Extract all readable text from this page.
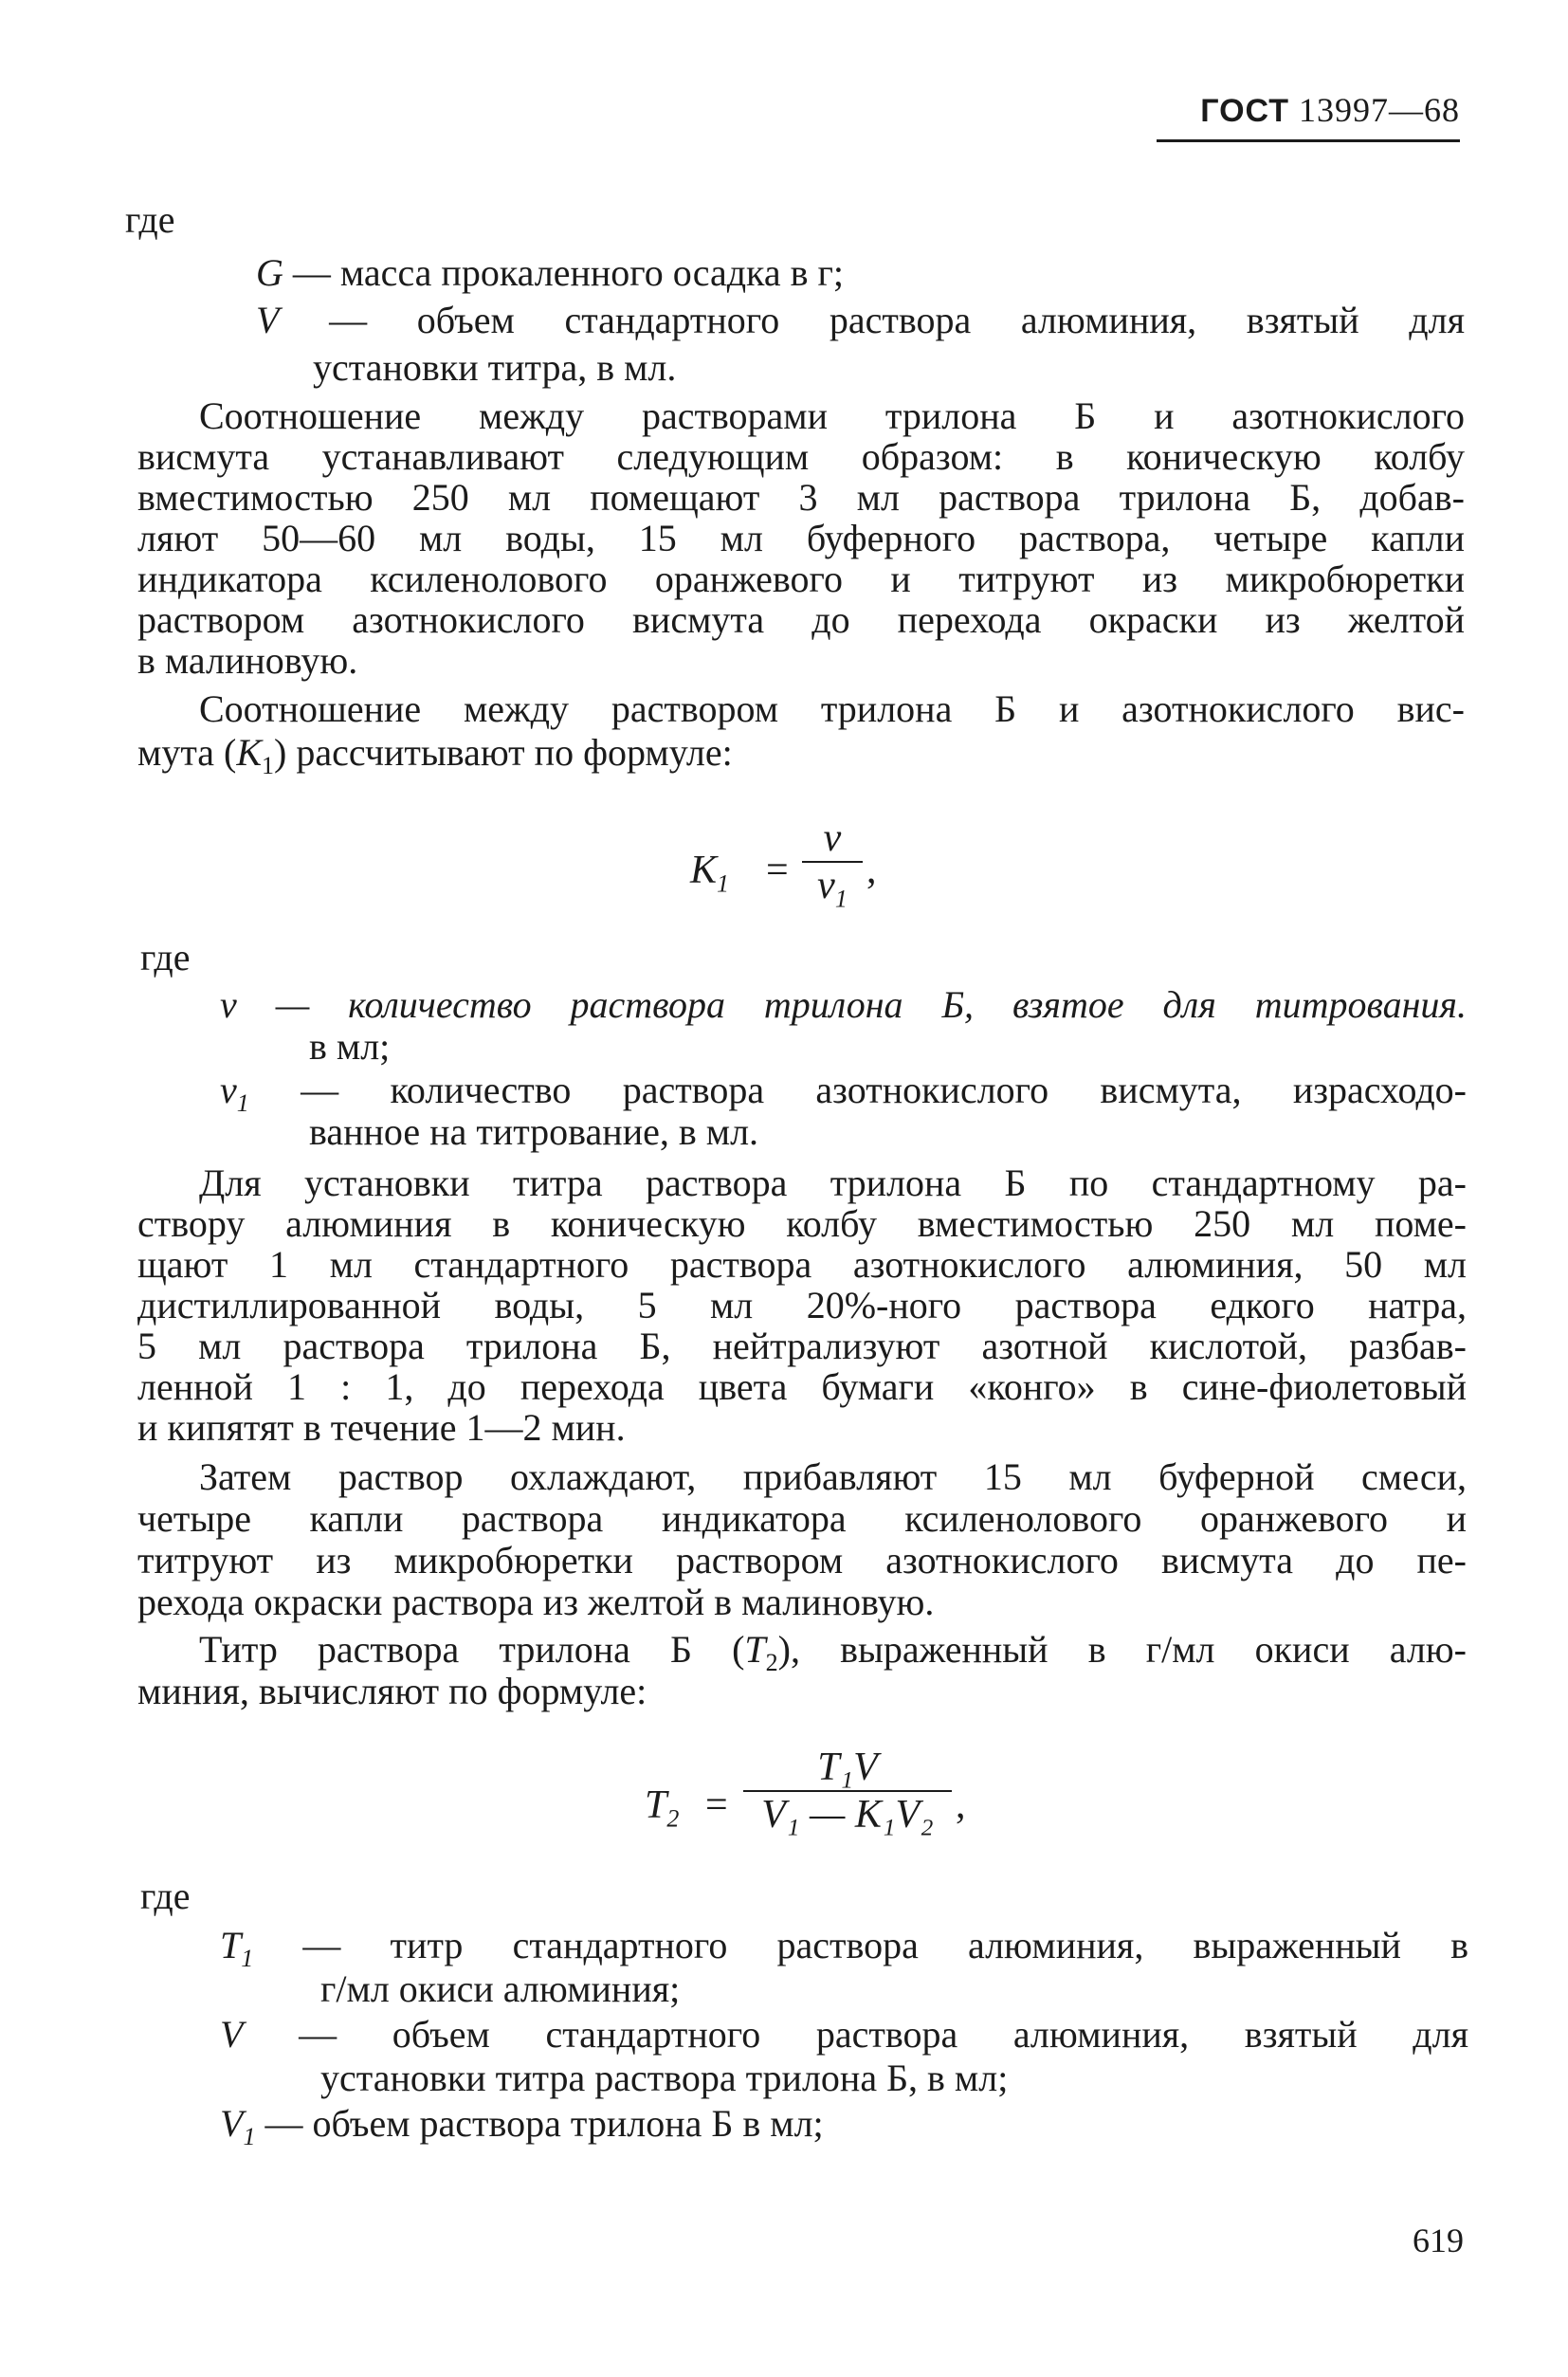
ГОСТ 13997—68
где
G — масса прокаленного осадка в г;
V — объем стандартного раствора алюминия, взятый для
установки титра, в мл.
Соотношение между растворами трилона Б и азотнокислого
висмута устанавливают следующим образом: в коническую колбу
вместимостью 250 мл помещают 3 мл раствора трилона Б, добав-
ляют 50—60 мл воды, 15 мл буферного раствора, четыре капли
индикатора ксиленолового оранжевого и титруют из микробюретки
раствором азотнокислого висмута до перехода окраски из желтой
в малиновую.
Соотношение между раствором трилона Б и азотнокислого вис-
мута $(K_1)$ рассчитывают по формуле:
$K_1$ =
v
$v_1$
,
где
v — количество раствора трилона Б, взятое для титрования.
в мл;
$v_1$ — количество раствора азотнокислого висмута, израсходо-
ванное на титрование, в мл.
Для установки титра раствора трилона Б по стандартному ра-
створу алюминия в коническую колбу вместимостью 250 мл поме-
щают 1 мл стандартного раствора азотнокислого алюминия, 50 мл
дистиллированной воды, 5 мл 20%-ного раствора едкого натра,
5 мл раствора трилона Б, нейтрализуют азотной кислотой, разбав-
ленной 1 : 1, до перехода цвета бумаги «конго» в сине-фиолетовый
и кипятят в течение 1—2 мин.
Затем раствор охлаждают, прибавляют 15 мл буферной смеси,
четыре капли раствора индикатора ксиленолового оранжевого и
титруют из микробюретки раствором азотнокислого висмута до пе-
рехода окраски раствора из желтой в малиновую.
Титр раствора трилона Б $(T_2)$, выраженный в г/мл окиси алю-
миния, вычисляют по формуле:
$T_2$ =
T₁V
V₁ — K₁V₂ ,
где
$T_1$ — титр стандартного раствора алюминия, выраженный в
г/мл окиси алюминия;
V — объем стандартного раствора алюминия, взятый для
установки титра раствора трилона Б, в мл;
$V_1$ — объем раствора трилона Б в мл;
619
